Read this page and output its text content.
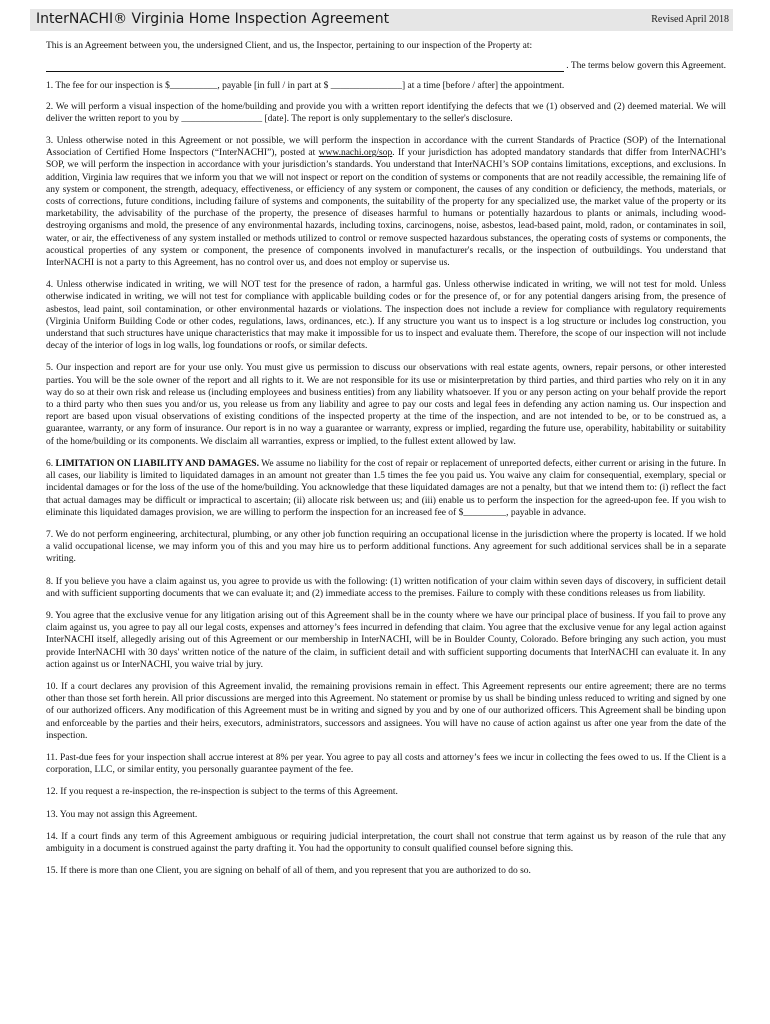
InterNACHI® Virginia Home Inspection Agreement	Revised April 2018

This is an Agreement between you, the undersigned Client, and us, the Inspector, pertaining to our inspection of the Property at:

. The terms below govern this Agreement.

1. The fee for our inspection is $__________, payable [in full / in part at $ _______________] at a time [before / after] the appointment.

2. We will perform a visual inspection of the home/building and provide you with a written report identifying the defects that we (1) observed and (2) deemed material. We will deliver the written report to you by _________________ [date]. The report is only supplementary to the seller's disclosure.

3. Unless otherwise noted in this Agreement or not possible, we will perform the inspection in accordance with the current Standards of Practice (SOP) of the International Association of Certified Home Inspectors (“InterNACHI”), posted at www.nachi.org/sop. If your jurisdiction has adopted mandatory standards that differ from InterNACHI’s SOP, we will perform the inspection in accordance with your jurisdiction’s standards. You understand that InterNACHI’s SOP contains limitations, exceptions, and exclusions. In addition, Virginia law requires that we inform you that we will not inspect or report on the condition of systems or components that are not readily accessible, the remaining life of any system or component, the strength, adequacy, effectiveness, or efficiency of any system or component, the causes of any condition or deficiency, the methods, materials, or costs of corrections, future conditions, including failure of systems and components, the suitability of the property for any specialized use, the market value of the property or its marketability, the advisability of the purchase of the property, the presence of diseases harmful to humans or potentially hazardous to plants or animals, including wood-destroying organisms and mold, the presence of any environmental hazards, including toxins, carcinogens, noise, asbestos, lead-based paint, mold, radon, or contaminates in soil, water, or air, the effectiveness of any system installed or methods utilized to control or remove suspected hazardous substances, the operating costs of systems or components, the acoustical properties of any system or component, the presence of components involved in manufacturer's recalls, or the inspection of outbuildings. You understand that InterNACHI is not a party to this Agreement, has no control over us, and does not employ or supervise us.

4. Unless otherwise indicated in writing, we will NOT test for the presence of radon, a harmful gas. Unless otherwise indicated in writing, we will not test for mold. Unless otherwise indicated in writing, we will not test for compliance with applicable building codes or for the presence of, or for any potential dangers arising from, the presence of asbestos, lead paint, soil contamination, or other environmental hazards or violations. The inspection does not include a review for compliance with regulatory requirements (Virginia Uniform Building Code or other codes, regulations, laws, ordinances, etc.). If any structure you want us to inspect is a log structure or includes log construction, you understand that such structures have unique characteristics that may make it impossible for us to inspect and evaluate them. Therefore, the scope of our inspection will not include decay of the interior of logs in log walls, log foundations or roofs, or similar defects.

5. Our inspection and report are for your use only. You must give us permission to discuss our observations with real estate agents, owners, repair persons, or other interested parties. You will be the sole owner of the report and all rights to it. We are not responsible for its use or misinterpretation by third parties, and third parties who rely on it in any way do so at their own risk and release us (including employees and business entities) from any liability whatsoever. If you or any person acting on your behalf provide the report to a third party who then sues you and/or us, you release us from any liability and agree to pay our costs and legal fees in defending any action naming us. Our inspection and report are based upon visual observations of existing conditions of the inspected property at the time of the inspection, and are not intended to be, or to be construed as, a guarantee, warranty, or any form of insurance. Our report is in no way a guarantee or warranty, express or implied, regarding the future use, operability, habitability or suitability of the home/building or its components. We disclaim all warranties, express or implied, to the fullest extent allowed by law.

6. LIMITATION ON LIABILITY AND DAMAGES. We assume no liability for the cost of repair or replacement of unreported defects, either current or arising in the future. In all cases, our liability is limited to liquidated damages in an amount not greater than 1.5 times the fee you paid us. You waive any claim for consequential, exemplary, special or incidental damages or for the loss of the use of the home/building. You acknowledge that these liquidated damages are not a penalty, but that we intend them to: (i) reflect the fact that actual damages may be difficult or impractical to ascertain; (ii) allocate risk between us; and (iii) enable us to perform the inspection for the agreed-upon fee. If you wish to eliminate this liquidated damages provision, we are willing to perform the inspection for an increased fee of $_________, payable in advance.

7. We do not perform engineering, architectural, plumbing, or any other job function requiring an occupational license in the jurisdiction where the property is located. If we hold a valid occupational license, we may inform you of this and you may hire us to perform additional functions. Any agreement for such additional services shall be in a separate writing.

8. If you believe you have a claim against us, you agree to provide us with the following: (1) written notification of your claim within seven days of discovery, in sufficient detail and with sufficient supporting documents that we can evaluate it; and (2) immediate access to the premises. Failure to comply with these conditions releases us from liability.

9. You agree that the exclusive venue for any litigation arising out of this Agreement shall be in the county where we have our principal place of business. If you fail to prove any claim against us, you agree to pay all our legal costs, expenses and attorney’s fees incurred in defending that claim. You agree that the exclusive venue for any legal action against InterNACHI itself, allegedly arising out of this Agreement or our membership in InterNACHI, will be in Boulder County, Colorado. Before bringing any such action, you must provide InterNACHI with 30 days' written notice of the nature of the claim, in sufficient detail and with sufficient supporting documents that InterNACHI can evaluate it. In any action against us or InterNACHI, you waive trial by jury.

10. If a court declares any provision of this Agreement invalid, the remaining provisions remain in effect. This Agreement represents our entire agreement; there are no terms other than those set forth herein. All prior discussions are merged into this Agreement. No statement or promise by us shall be binding unless reduced to writing and signed by one of our authorized officers. Any modification of this Agreement must be in writing and signed by you and by one of our authorized officers. This Agreement shall be binding upon and enforceable by the parties and their heirs, executors, administrators, successors and assignees. You will have no cause of action against us after one year from the date of the inspection.

11. Past-due fees for your inspection shall accrue interest at 8% per year. You agree to pay all costs and attorney’s fees we incur in collecting the fees owed to us. If the Client is a corporation, LLC, or similar entity, you personally guarantee payment of the fee.

12. If you request a re-inspection, the re-inspection is subject to the terms of this Agreement.

13. You may not assign this Agreement.

14. If a court finds any term of this Agreement ambiguous or requiring judicial interpretation, the court shall not construe that term against us by reason of the rule that any ambiguity in a document is construed against the party drafting it. You had the opportunity to consult qualified counsel before signing this.

15. If there is more than one Client, you are signing on behalf of all of them, and you represent that you are authorized to do so.
